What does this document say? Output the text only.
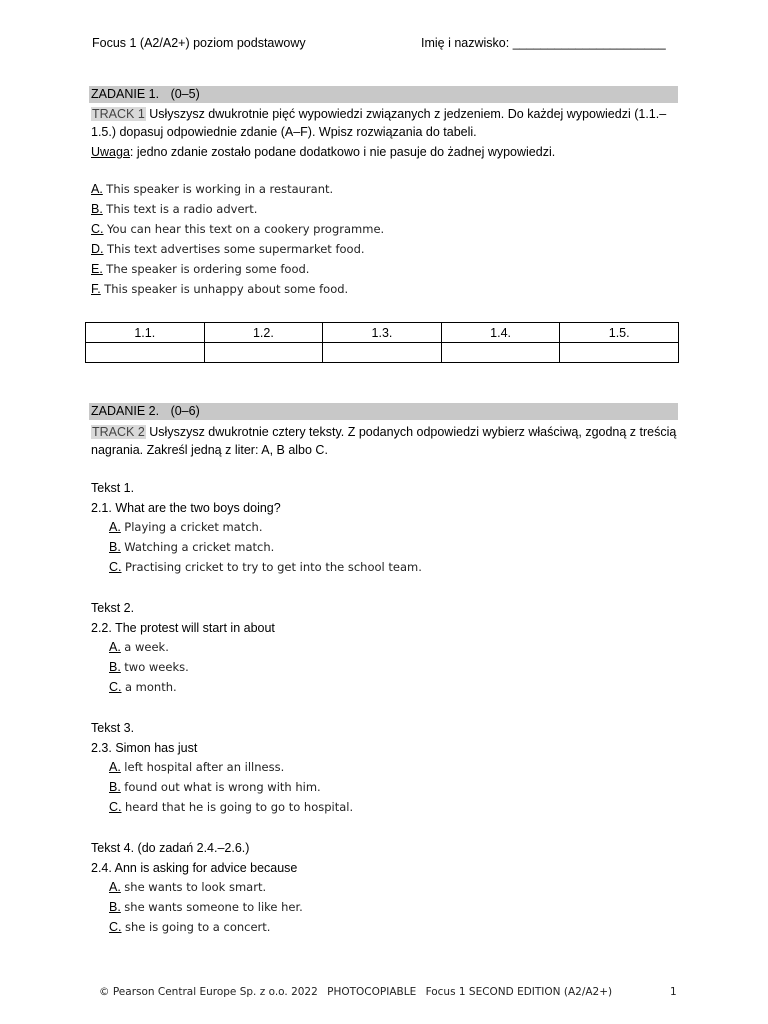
Focus 1 (A2/A2+) poziom podstawowy	Imię i nazwisko: ______________________
ZADANIE 1. (0–5)
TRACK 1 Usłyszysz dwukrotnie pięć wypowiedzi związanych z jedzeniem. Do każdej wypowiedzi (1.1.–
1.5.) dopasuj odpowiednie zdanie (A–F). Wpisz rozwiązania do tabeli.
Uwaga: jedno zdanie zostało podane dodatkowo i nie pasuje do żadnej wypowiedzi.
A. This speaker is working in a restaurant.
B. This text is a radio advert.
C. You can hear this text on a cookery programme.
D. This text advertises some supermarket food.
E. The speaker is ordering some food.
F. This speaker is unhappy about some food.
1.1.	1.2.	1.3.	1.4.	1.5.

ZADANIE 2. (0–6)
TRACK 2 Usłyszysz dwukrotnie cztery teksty. Z podanych odpowiedzi wybierz właściwą, zgodną z treścią
nagrania. Zakreśl jedną z liter: A, B albo C.
Tekst 1.
2.1. What are the two boys doing?
A. Playing a cricket match.
B. Watching a cricket match.
C. Practising cricket to try to get into the school team.
Tekst 2.
2.2. The protest will start in about
A. a week.
B. two weeks.
C. a month.
Tekst 3.
2.3. Simon has just
A. left hospital after an illness.
B. found out what is wrong with him.
C. heard that he is going to go to hospital.
Tekst 4. (do zadań 2.4.–2.6.)
2.4. Ann is asking for advice because
A. she wants to look smart.
B. she wants someone to like her.
C. she is going to a concert.
© Pearson Central Europe Sp. z o.o. 2022 PHOTOCOPIABLE Focus 1 SECOND EDITION (A2/A2+)	1
